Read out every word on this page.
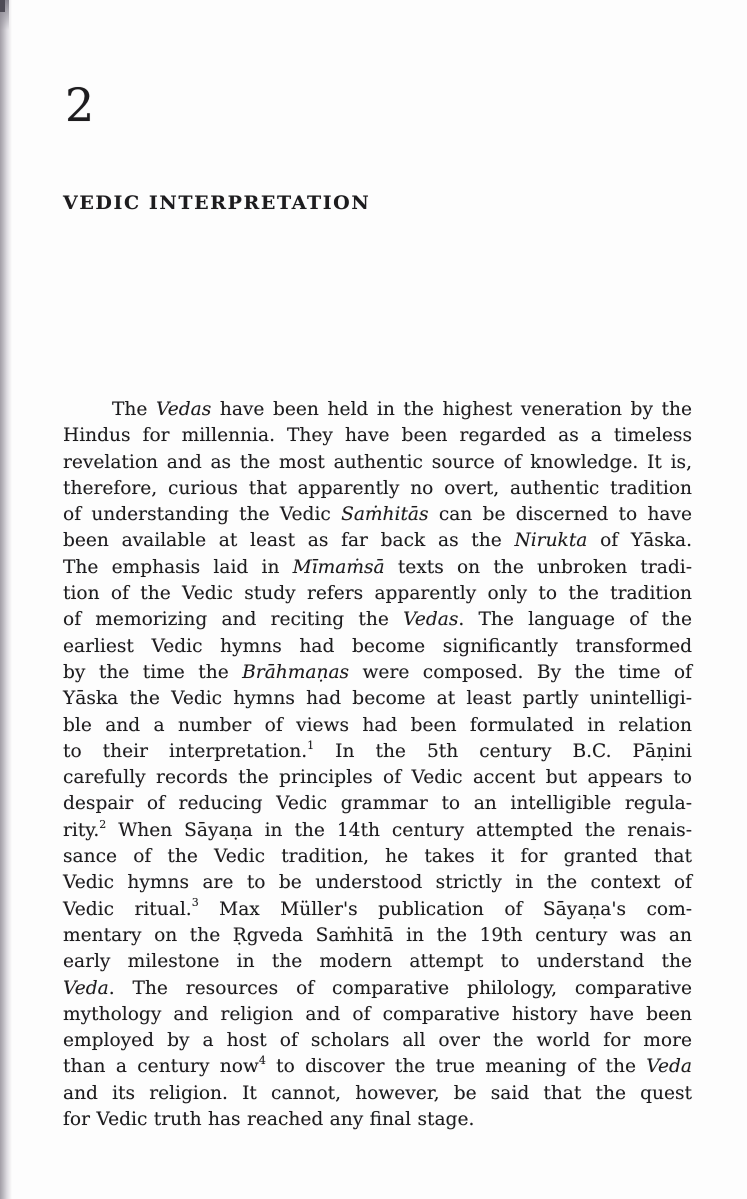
2
VEDIC INTERPRETATION
The Vedas have been held in the highest veneration by the
Hindus for millennia. They have been regarded as a timeless
revelation and as the most authentic source of knowledge. It is,
therefore, curious that apparently no overt, authentic tradition
of understanding the Vedic Saṁhitās can be discerned to have
been available at least as far back as the Nirukta of Yāska.
The emphasis laid in Mīmaṁsā texts on the unbroken tradi-
tion of the Vedic study refers apparently only to the tradition
of memorizing and reciting the Vedas. The language of the
earliest Vedic hymns had become significantly transformed
by the time the Brāhmaṇas were composed. By the time of
Yāska the Vedic hymns had become at least partly unintelligi-
ble and a number of views had been formulated in relation
to their interpretation.$^1$ In the 5th century B.C. Pāṇini
carefully records the principles of Vedic accent but appears to
despair of reducing Vedic grammar to an intelligible regula-
rity.$^2$ When Sāyaṇa in the 14th century attempted the renais-
sance of the Vedic tradition, he takes it for granted that
Vedic hymns are to be understood strictly in the context of
Vedic ritual.$^3$ Max Müller's publication of Sāyaṇa's com-
mentary on the Ṛgveda Saṁhitā in the 19th century was an
early milestone in the modern attempt to understand the
Veda. The resources of comparative philology, comparative
mythology and religion and of comparative history have been
employed by a host of scholars all over the world for more
than a century now$^4$ to discover the true meaning of the Veda
and its religion. It cannot, however, be said that the quest
for Vedic truth has reached any final stage.
